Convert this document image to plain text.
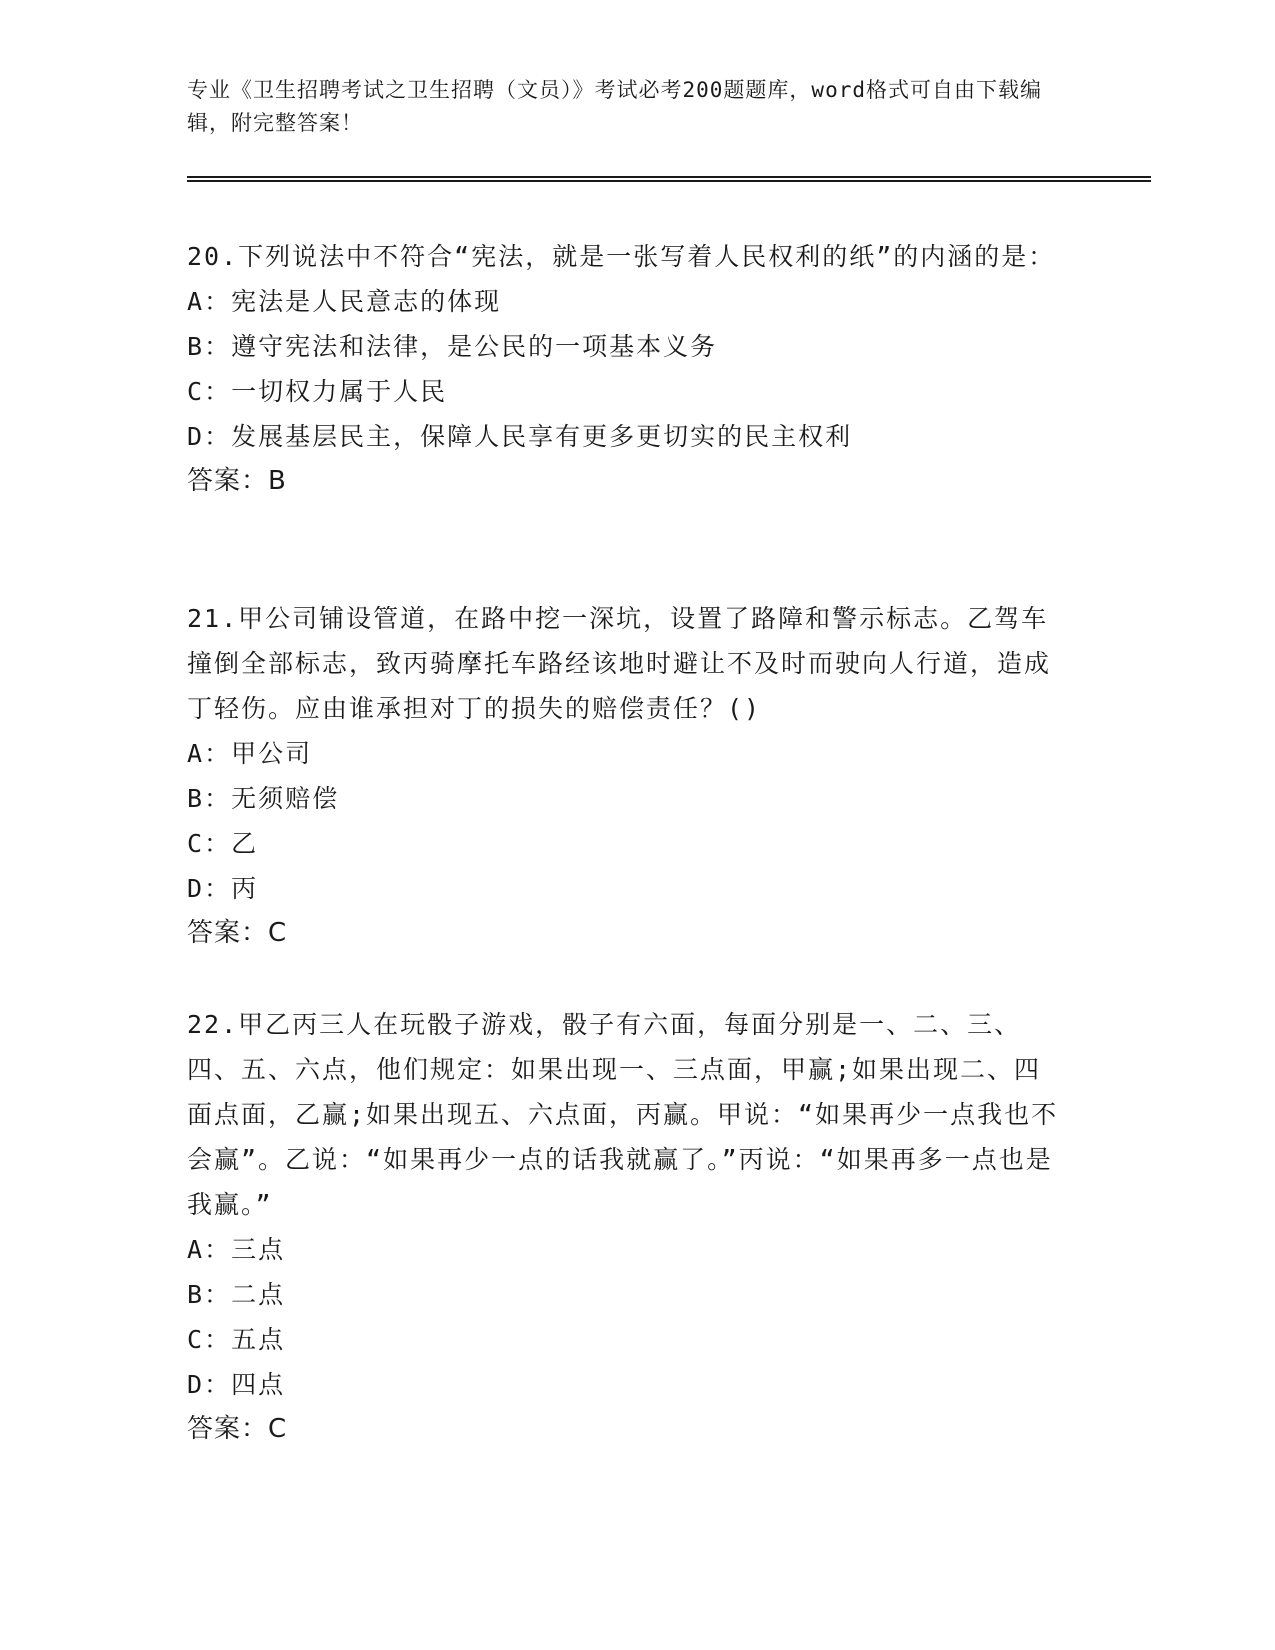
专业《卫生招聘考试之卫生招聘（文员）》考试必考200题题库，word格式可自由下载编辑，附完整答案！

20.下列说法中不符合“宪法，就是一张写着人民权利的纸”的内涵的是：

A：宪法是人民意志的体现

B：遵守宪法和法律，是公民的一项基本义务

C：一切权力属于人民

D：发展基层民主，保障人民享有更多更切实的民主权利

答案：B

21.甲公司铺设管道，在路中挖一深坑，设置了路障和警示标志。乙驾车撞倒全部标志，致丙骑摩托车路经该地时避让不及时而驶向人行道，造成丁轻伤。应由谁承担对丁的损失的赔偿责任？()

A：甲公司

B：无须赔偿

C：乙

D：丙

答案：C

22.甲乙丙三人在玩骰子游戏，骰子有六面，每面分别是一、二、三、四、五、六点，他们规定：如果出现一、三点面，甲赢;如果出现二、四面点面，乙赢;如果出现五、六点面，丙赢。甲说：“如果再少一点我也不会赢”。乙说：“如果再少一点的话我就赢了。”丙说：“如果再多一点也是我赢。”

A：三点

B：二点

C：五点

D：四点

答案：C
